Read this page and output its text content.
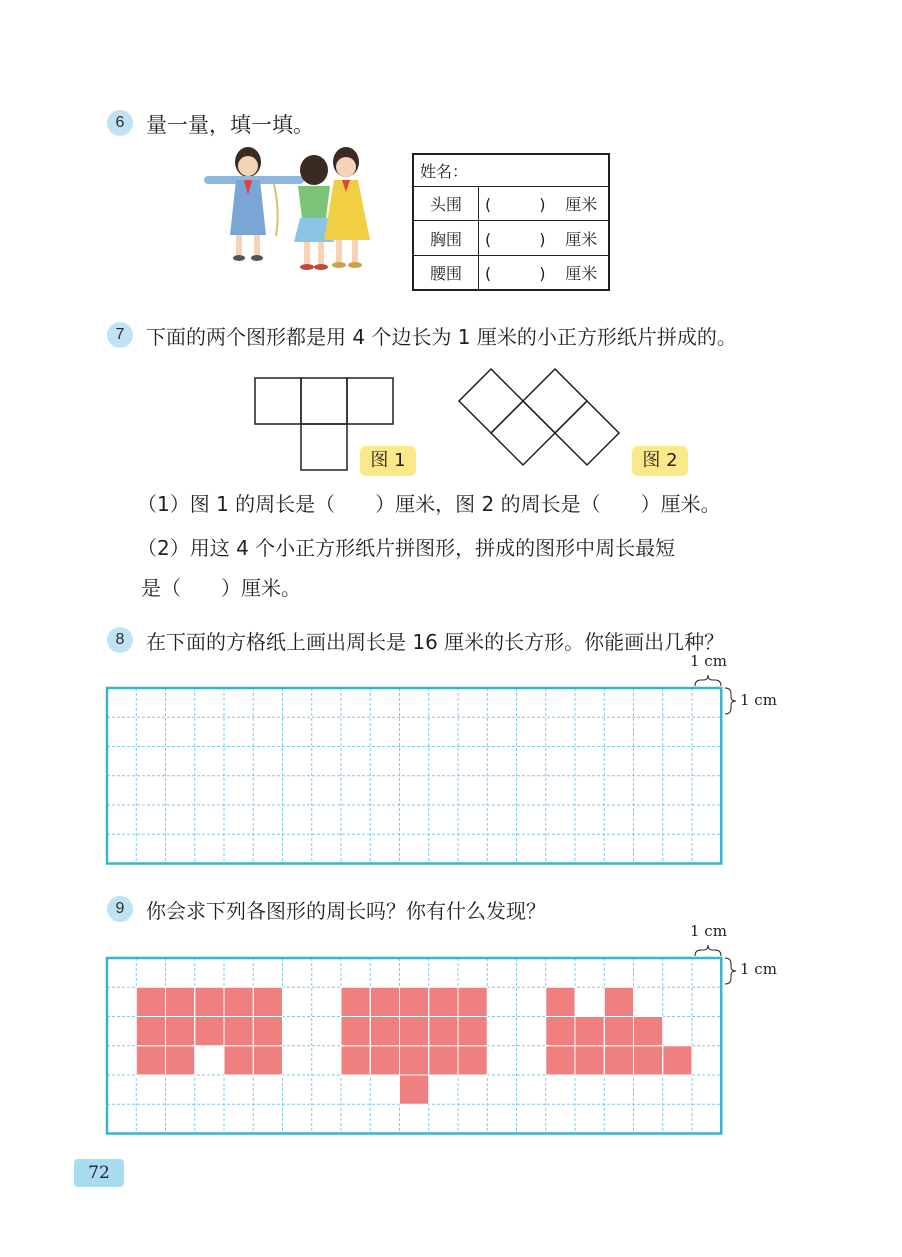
6	量一量，填一填。
姓名：		
头围	(　　　)	厘米
胸围	(　　　)	厘米
腰围	(　　　)	厘米
7	下面的两个图形都是用 4 个边长为 1 厘米的小正方形纸片拼成的。
图 1	图 2
（1）图 1 的周长是（　　）厘米，图 2 的周长是（　　）厘米。
（2）用这 4 个小正方形纸片拼图形，拼成的图形中周长最短
是（　　）厘米。
8	在下面的方格纸上画出周长是 16 厘米的长方形。你能画出几种？
1 cm
1 cm
9	你会求下列各图形的周长吗？你有什么发现？
1 cm
1 cm
72
